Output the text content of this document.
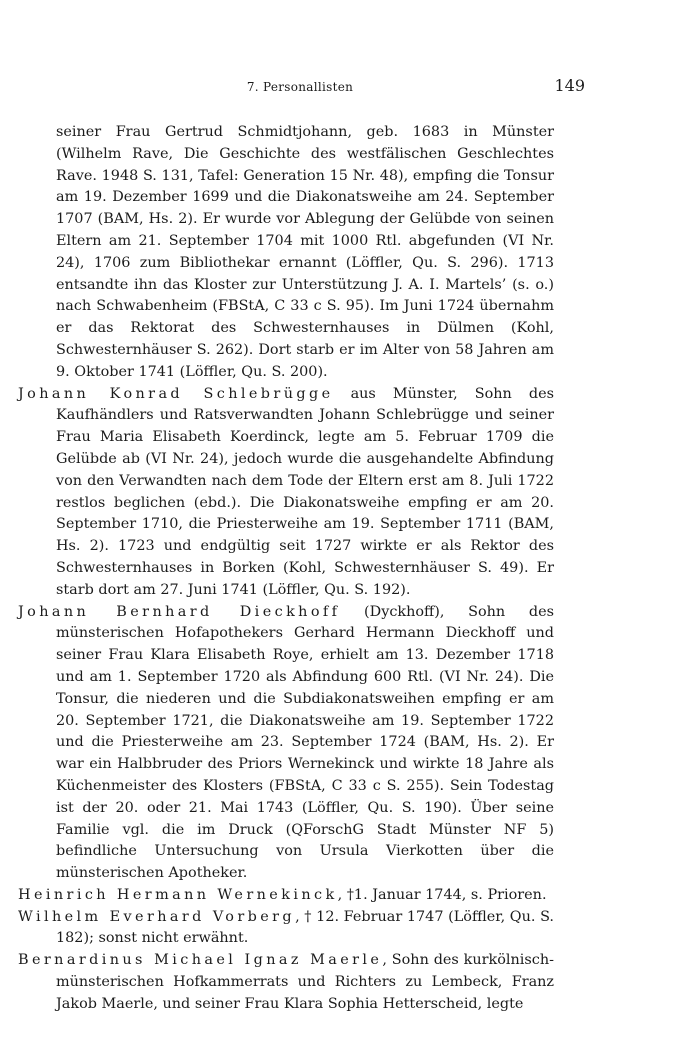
7. Personallisten	149

seiner Frau Gertrud Schmidtjohann, geb. 1683 in Münster (Wilhelm Rave, Die Geschichte des westfälischen Geschlechtes Rave. 1948 S. 131, Tafel: Generation 15 Nr. 48), empfing die Tonsur am 19. Dezember 1699 und die Diakonatsweihe am 24. September 1707 (BAM, Hs. 2). Er wurde vor Ablegung der Gelübde von seinen Eltern am 21. September 1704 mit 1000 Rtl. abgefunden (VI Nr. 24), 1706 zum Bibliothekar ernannt (Löffler, Qu. S. 296). 1713 entsandte ihn das Kloster zur Unterstützung J. A. I. Martels’ (s. o.) nach Schwabenheim (FBStA, C 33 c S. 95). Im Juni 1724 übernahm er das Rektorat des Schwesternhauses in Dülmen (Kohl, Schwesternhäuser S. 262). Dort starb er im Alter von 58 Jahren am 9. Oktober 1741 (Löffler, Qu. S. 200).

Johann Konrad Schlebrügge aus Münster, Sohn des Kaufhändlers und Ratsverwandten Johann Schlebrügge und seiner Frau Maria Elisabeth Koerdinck, legte am 5. Februar 1709 die Gelübde ab (VI Nr. 24), jedoch wurde die ausgehandelte Abfindung von den Verwandten nach dem Tode der Eltern erst am 8. Juli 1722 restlos beglichen (ebd.). Die Diakonatsweihe empfing er am 20. September 1710, die Priesterweihe am 19. September 1711 (BAM, Hs. 2). 1723 und endgültig seit 1727 wirkte er als Rektor des Schwesternhauses in Borken (Kohl, Schwesternhäuser S. 49). Er starb dort am 27. Juni 1741 (Löffler, Qu. S. 192).

Johann Bernhard Dieckhoff (Dyckhoff), Sohn des münsterischen Hofapothekers Gerhard Hermann Dieckhoff und seiner Frau Klara Elisabeth Roye, erhielt am 13. Dezember 1718 und am 1. September 1720 als Abfindung 600 Rtl. (VI Nr. 24). Die Tonsur, die niederen und die Subdiakonatsweihen empfing er am 20. September 1721, die Diakonatsweihe am 19. September 1722 und die Priesterweihe am 23. September 1724 (BAM, Hs. 2). Er war ein Halbbruder des Priors Wernekinck und wirkte 18 Jahre als Küchenmeister des Klosters (FBStA, C 33 c S. 255). Sein Todestag ist der 20. oder 21. Mai 1743 (Löffler, Qu. S. 190). Über seine Familie vgl. die im Druck (QForschG Stadt Münster NF 5) befindliche Untersuchung von Ursula Vierkotten über die münsterischen Apotheker.

Heinrich Hermann Wernekinck, †1. Januar 1744, s. Prioren.

Wilhelm Everhard Vorberg, † 12. Februar 1747 (Löffler, Qu. S. 182); sonst nicht erwähnt.

Bernardinus Michael Ignaz Maerle, Sohn des kurkölnisch-münsterischen Hofkammerrats und Richters zu Lembeck, Franz Jakob Maerle, und seiner Frau Klara Sophia Hetterscheid, legte
